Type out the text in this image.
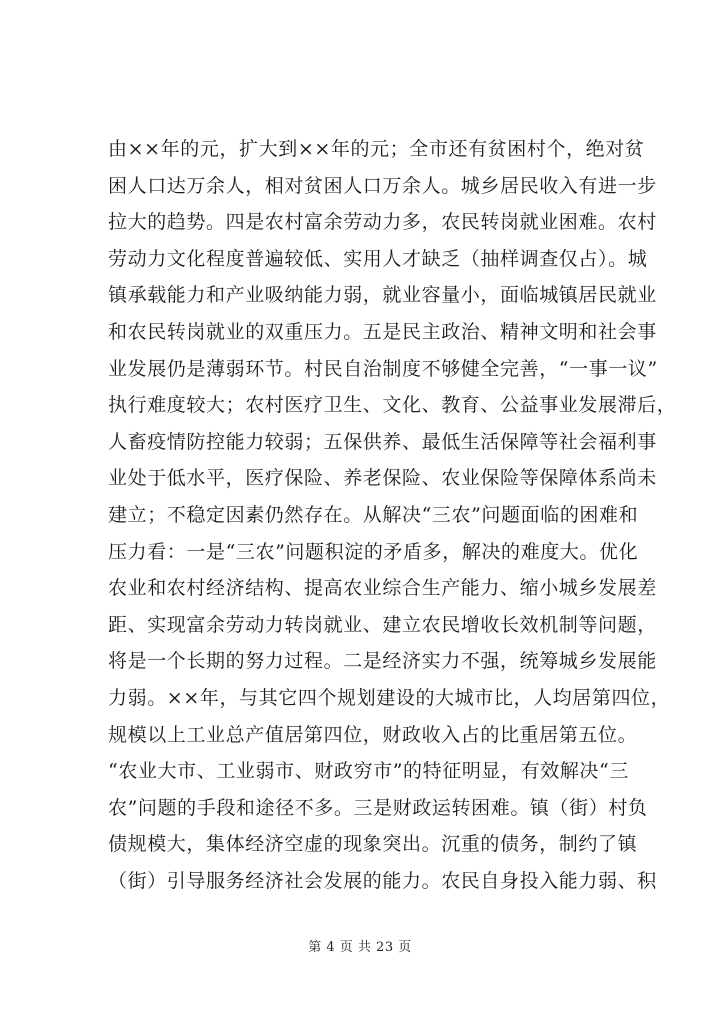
由××年的元，扩大到××年的元；全市还有贫困村个，绝对贫
困人口达万余人，相对贫困人口万余人。城乡居民收入有进一步
拉大的趋势。四是农村富余劳动力多，农民转岗就业困难。农村
劳动力文化程度普遍较低、实用人才缺乏（抽样调查仅占）。城
镇承载能力和产业吸纳能力弱，就业容量小，面临城镇居民就业
和农民转岗就业的双重压力。五是民主政治、精神文明和社会事
业发展仍是薄弱环节。村民自治制度不够健全完善，“一事一议”
执行难度较大；农村医疗卫生、文化、教育、公益事业发展滞后，
人畜疫情防控能力较弱；五保供养、最低生活保障等社会福利事
业处于低水平，医疗保险、养老保险、农业保险等保障体系尚未
建立；不稳定因素仍然存在。从解决“三农”问题面临的困难和
压力看：一是“三农”问题积淀的矛盾多，解决的难度大。优化
农业和农村经济结构、提高农业综合生产能力、缩小城乡发展差
距、实现富余劳动力转岗就业、建立农民增收长效机制等问题，
将是一个长期的努力过程。二是经济实力不强，统筹城乡发展能
力弱。××年，与其它四个规划建设的大城市比，人均居第四位，
规模以上工业总产值居第四位，财政收入占的比重居第五位。
“农业大市、工业弱市、财政穷市”的特征明显，有效解决“三
农”问题的手段和途径不多。三是财政运转困难。镇（街）村负
债规模大，集体经济空虚的现象突出。沉重的债务，制约了镇
（街）引导服务经济社会发展的能力。农民自身投入能力弱、积
第 4 页 共 23 页
